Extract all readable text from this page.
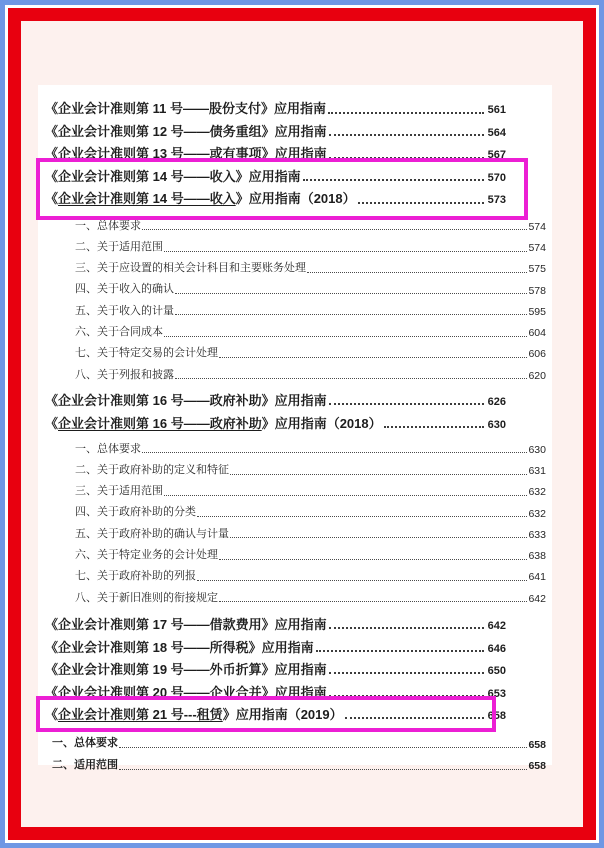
《企业会计准则第 11 号——股份支付》应用指南	561
《企业会计准则第 12 号——债务重组》应用指南	564
《企业会计准则第 13 号——或有事项》应用指南	567
《企业会计准则第 14 号——收入》应用指南	570
《企业会计准则第 14 号——收入》应用指南（2018）	573
一、总体要求	574
二、关于适用范围	574
三、关于应设置的相关会计科目和主要账务处理	575
四、关于收入的确认	578
五、关于收入的计量	595
六、关于合同成本	604
七、关于特定交易的会计处理	606
八、关于列报和披露	620
《企业会计准则第 16 号——政府补助》应用指南	626
《企业会计准则第 16 号——政府补助》应用指南（2018）	630
一、总体要求	630
二、关于政府补助的定义和特征	631
三、关于适用范围	632
四、关于政府补助的分类	632
五、关于政府补助的确认与计量	633
六、关于特定业务的会计处理	638
七、关于政府补助的列报	641
八、关于新旧准则的衔接规定	642
《企业会计准则第 17 号——借款费用》应用指南	642
《企业会计准则第 18 号——所得税》应用指南	646
《企业会计准则第 19 号——外币折算》应用指南	650
《企业会计准则第 20 号——企业合并》应用指南	653
《企业会计准则第 21 号---租赁》应用指南（2019）	658
一、总体要求	658
二、适用范围	658
